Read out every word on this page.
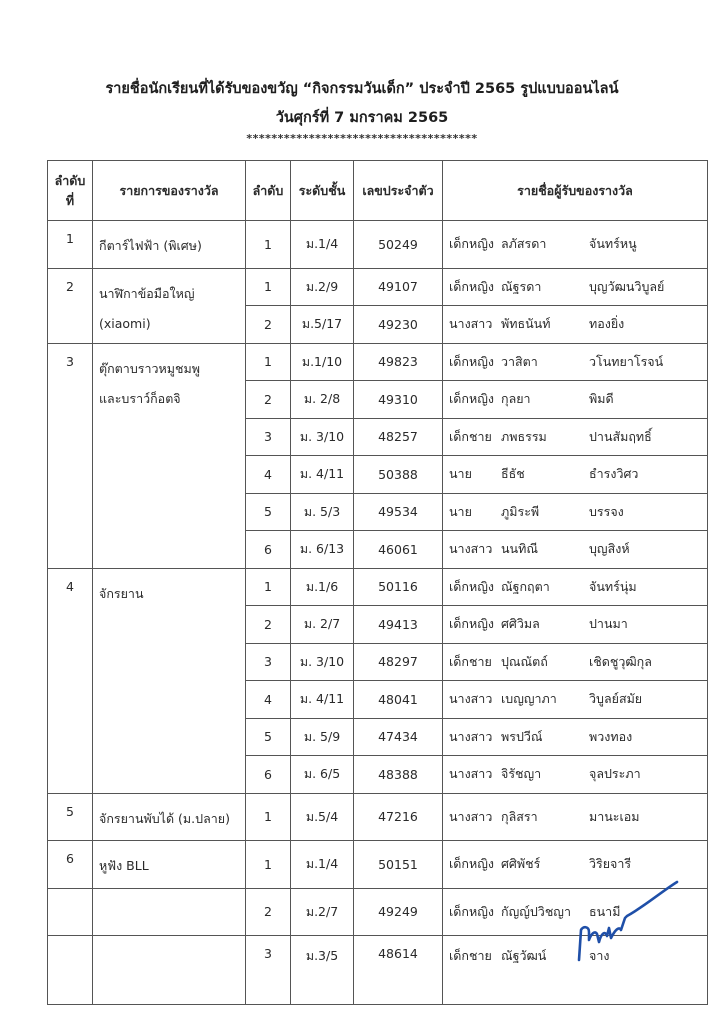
รายชื่อนักเรียนที่ได้รับของขวัญ “กิจกรรมวันเด็ก” ประจำปี 2565 รูปแบบออนไลน์
วันศุกร์ที่ 7 มกราคม 2565
*************************************
ลำดับที่	รายการของรางวัล	ลำดับ	ระดับชั้น	เลขประจำตัว	รายชื่อผู้รับของรางวัล
1	กีตาร์ไฟฟ้า (พิเศษ)	1	ม.1/4	50249	เด็กหญิง ลภัสรดา จันทร์หนู
2	นาฬิกาข้อมือใหญ่ (xiaomi)	1	ม.2/9	49107	เด็กหญิง ณัฐรดา บุญวัฒนวิบูลย์
		2	ม.5/17	49230	นางสาว พัทธนันท์ ทองยิ่ง
3	ตุ๊กตาบราวหมูชมพูและบราว์ก็อตจิ	1	ม.1/10	49823	เด็กหญิง วาสิตา วโนทยาโรจน์
		2	ม. 2/8	49310	เด็กหญิง กุลยา พิมดี
		3	ม. 3/10	48257	เด็กชาย ภพธรรม ปานสัมฤทธิ์
		4	ม. 4/11	50388	นาย ธีธัช ธำรงวิศว
		5	ม. 5/3	49534	นาย ภูมิระพี บรรจง
		6	ม. 6/13	46061	นางสาว นนทิณี บุญสิงห์
4	จักรยาน	1	ม.1/6	50116	เด็กหญิง ณัฐกฤตา จันทร์นุ่ม
		2	ม. 2/7	49413	เด็กหญิง ศศิวิมล ปานมา
		3	ม. 3/10	48297	เด็กชาย ปุณณัตถ์ เชิดชูวุฒิกุล
		4	ม. 4/11	48041	นางสาว เบญญาภา วิบูลย์สมัย
		5	ม. 5/9	47434	นางสาว พรปวีณ์ พวงทอง
		6	ม. 6/5	48388	นางสาว จิรัชญา จุลประภา
5	จักรยานพับได้ (ม.ปลาย)	1	ม.5/4	47216	นางสาว กุลิสรา มานะเอม
6	หูฟัง BLL	1	ม.1/4	50151	เด็กหญิง ศศิพัชร์ วิริยจารี
		2	ม.2/7	49249	เด็กหญิง กัญญ์ปวิชญา ธนามี
		3	ม.3/5	48614	เด็กชาย ณัฐวัฒน์ จาง
